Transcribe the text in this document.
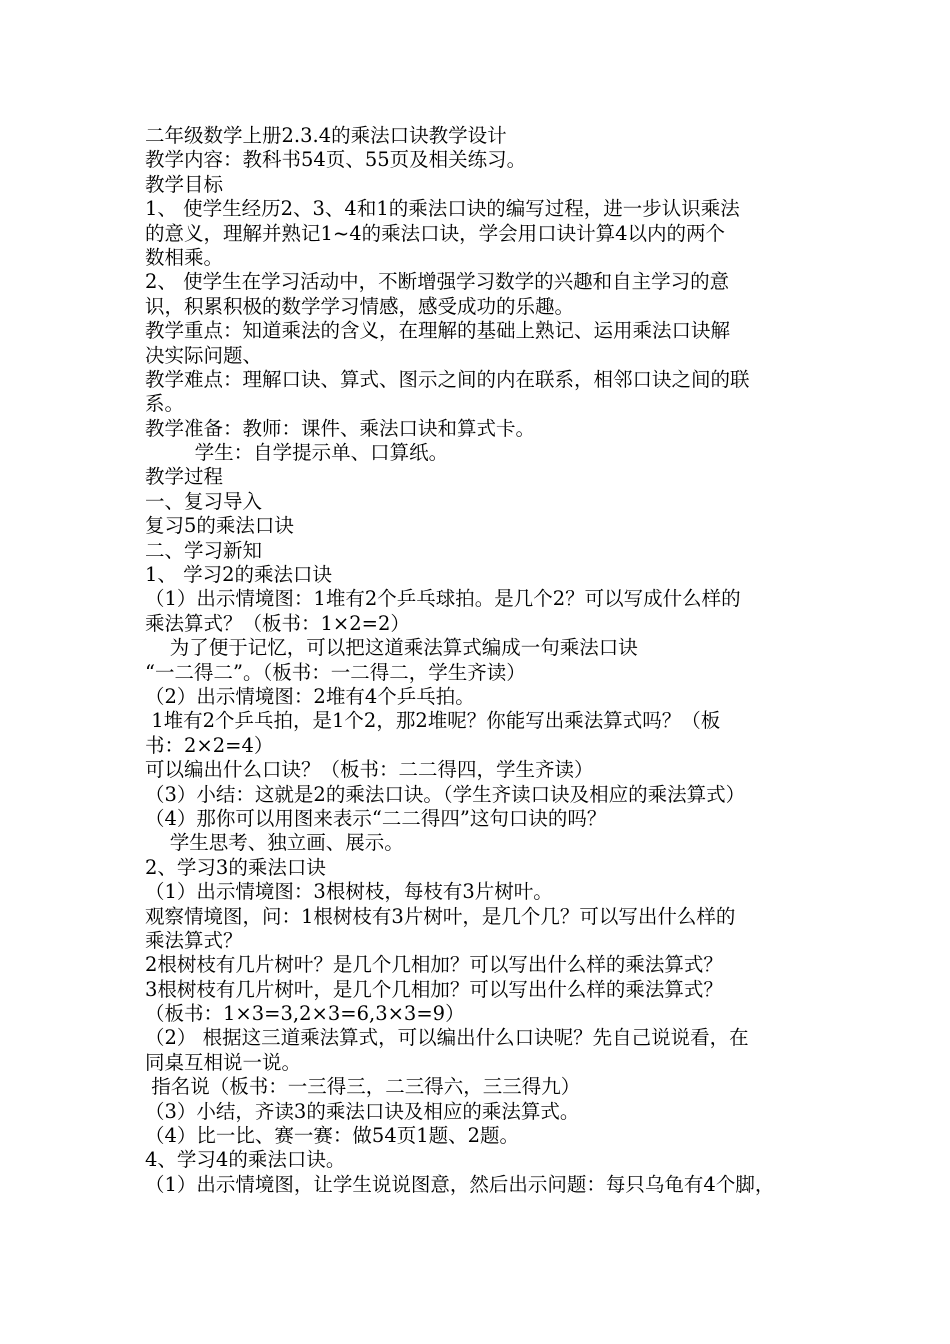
二年级数学上册2.3.4的乘法口诀教学设计
教学内容：教科书54页、55页及相关练习。
教学目标
1、 使学生经历2、3、4和1的乘法口诀的编写过程，进一步认识乘法
的意义，理解并熟记1~4的乘法口诀，学会用口诀计算4以内的两个
数相乘。
2、 使学生在学习活动中，不断增强学习数学的兴趣和自主学习的意
识，积累积极的数学学习情感，感受成功的乐趣。
教学重点：知道乘法的含义，在理解的基础上熟记、运用乘法口诀解
决实际问题、
教学难点：理解口诀、算式、图示之间的内在联系，相邻口诀之间的联
系。
教学准备：教师：课件、乘法口诀和算式卡。
学生：自学提示单、口算纸。
教学过程
一、复习导入
复习5的乘法口诀
二、学习新知
1、 学习2的乘法口诀
（1）出示情境图：1堆有2个乒乓球拍。是几个2？可以写成什么样的
乘法算式？（板书：1×2=2）
为了便于记忆，可以把这道乘法算式编成一句乘法口诀
“一二得二”。（板书：一二得二，学生齐读）
（2）出示情境图：2堆有4个乒乓拍。
1堆有2个乒乓拍，是1个2，那2堆呢？你能写出乘法算式吗？（板
书：2×2=4）
可以编出什么口诀？（板书：二二得四，学生齐读）
（3）小结：这就是2的乘法口诀。（学生齐读口诀及相应的乘法算式）
（4）那你可以用图来表示“二二得四”这句口诀的吗？
学生思考、独立画、展示。
2、学习3的乘法口诀
（1）出示情境图：3根树枝，每枝有3片树叶。
观察情境图，问：1根树枝有3片树叶，是几个几？可以写出什么样的
乘法算式？
2根树枝有几片树叶？是几个几相加？可以写出什么样的乘法算式？
3根树枝有几片树叶，是几个几相加？可以写出什么样的乘法算式？
（板书：1×3=3,2×3=6,3×3=9）
（2） 根据这三道乘法算式，可以编出什么口诀呢？先自己说说看，在
同桌互相说一说。
指名说（板书：一三得三，二三得六，三三得九）
（3）小结，齐读3的乘法口诀及相应的乘法算式。
（4）比一比、赛一赛：做54页1题、2题。
4、学习4的乘法口诀。
（1）出示情境图，让学生说说图意，然后出示问题：每只乌龟有4个脚，
